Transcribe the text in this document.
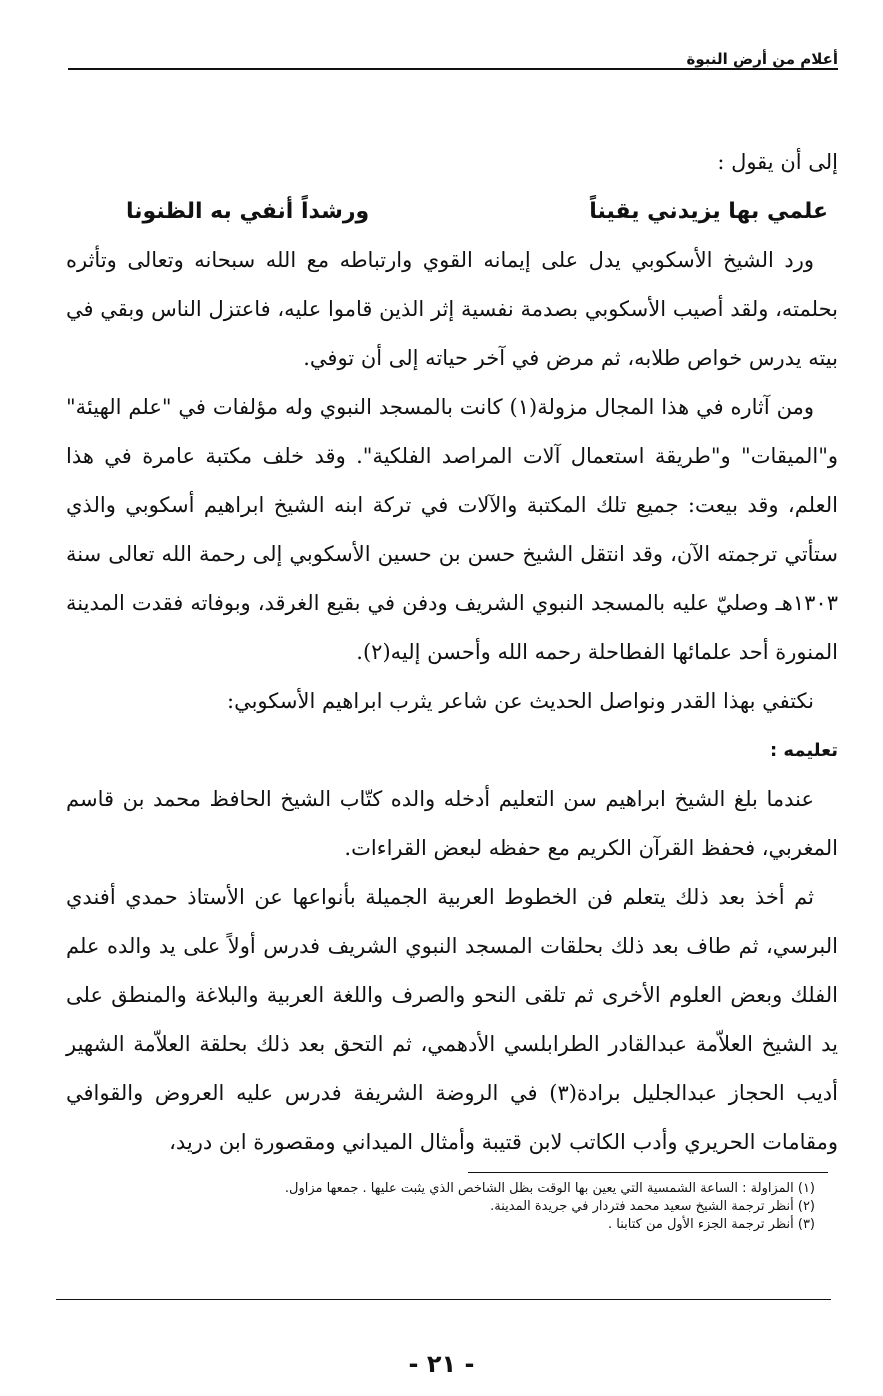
أعلام من أرض النبوة

إلى أن يقول :

علمي بها يزيدني يقيناً
ورشداً أنفي به الظنونا

ورد الشيخ الأسكوبي يدل على إيمانه القوي وارتباطه مع الله سبحانه وتعالى وتأثره بحلمته، ولقد أصيب الأسكوبي بصدمة نفسية إثر الذين قاموا عليه، فاعتزل الناس وبقي في بيته يدرس خواص طلابه، ثم مرض في آخر حياته إلى أن توفي.

ومن آثاره في هذا المجال مزولة(١) كانت بالمسجد النبوي وله مؤلفات في "علم الهيئة" و"الميقات" و"طريقة استعمال آلات المراصد الفلكية". وقد خلف مكتبة عامرة في هذا العلم، وقد بيعت: جميع تلك المكتبة والآلات في تركة ابنه الشيخ ابراهيم أسكوبي والذي ستأتي ترجمته الآن، وقد انتقل الشيخ حسن بن حسين الأسكوبي إلى رحمة الله تعالى سنة ١٣٠٣هـ وصليّ عليه بالمسجد النبوي الشريف ودفن في بقيع الغرقد، وبوفاته فقدت المدينة المنورة أحد علمائها الفطاحلة رحمه الله وأحسن إليه(٢).

نكتفي بهذا القدر ونواصل الحديث عن شاعر يثرب ابراهيم الأسكوبي:

تعليمه :

عندما بلغ الشيخ ابراهيم سن التعليم أدخله والده كتّاب الشيخ الحافظ محمد بن قاسم المغربي، فحفظ القرآن الكريم مع حفظه لبعض القراءات.

ثم أخذ بعد ذلك يتعلم فن الخطوط العربية الجميلة بأنواعها عن الأستاذ حمدي أفندي البرسي، ثم طاف بعد ذلك بحلقات المسجد النبوي الشريف فدرس أولاً على يد والده علم الفلك وبعض العلوم الأخرى ثم تلقى النحو والصرف واللغة العربية والبلاغة والمنطق على يد الشيخ العلاّمة عبدالقادر الطرابلسي الأدهمي، ثم التحق بعد ذلك بحلقة العلاّمة الشهير أديب الحجاز عبدالجليل برادة(٣) في الروضة الشريفة فدرس عليه العروض والقوافي ومقامات الحريري وأدب الكاتب لابن قتيبة وأمثال الميداني ومقصورة ابن دريد،

(١) المزاولة : الساعة الشمسية التي يعين بها الوقت بظل الشاخص الذي يثبت عليها . جمعها مزاول.
(٢) أنظر ترجمة الشيخ سعيد محمد فتردار في جريدة المدينة.
(٣) أنظر ترجمة الجزء الأول من كتابنا .
- ٢١ -
